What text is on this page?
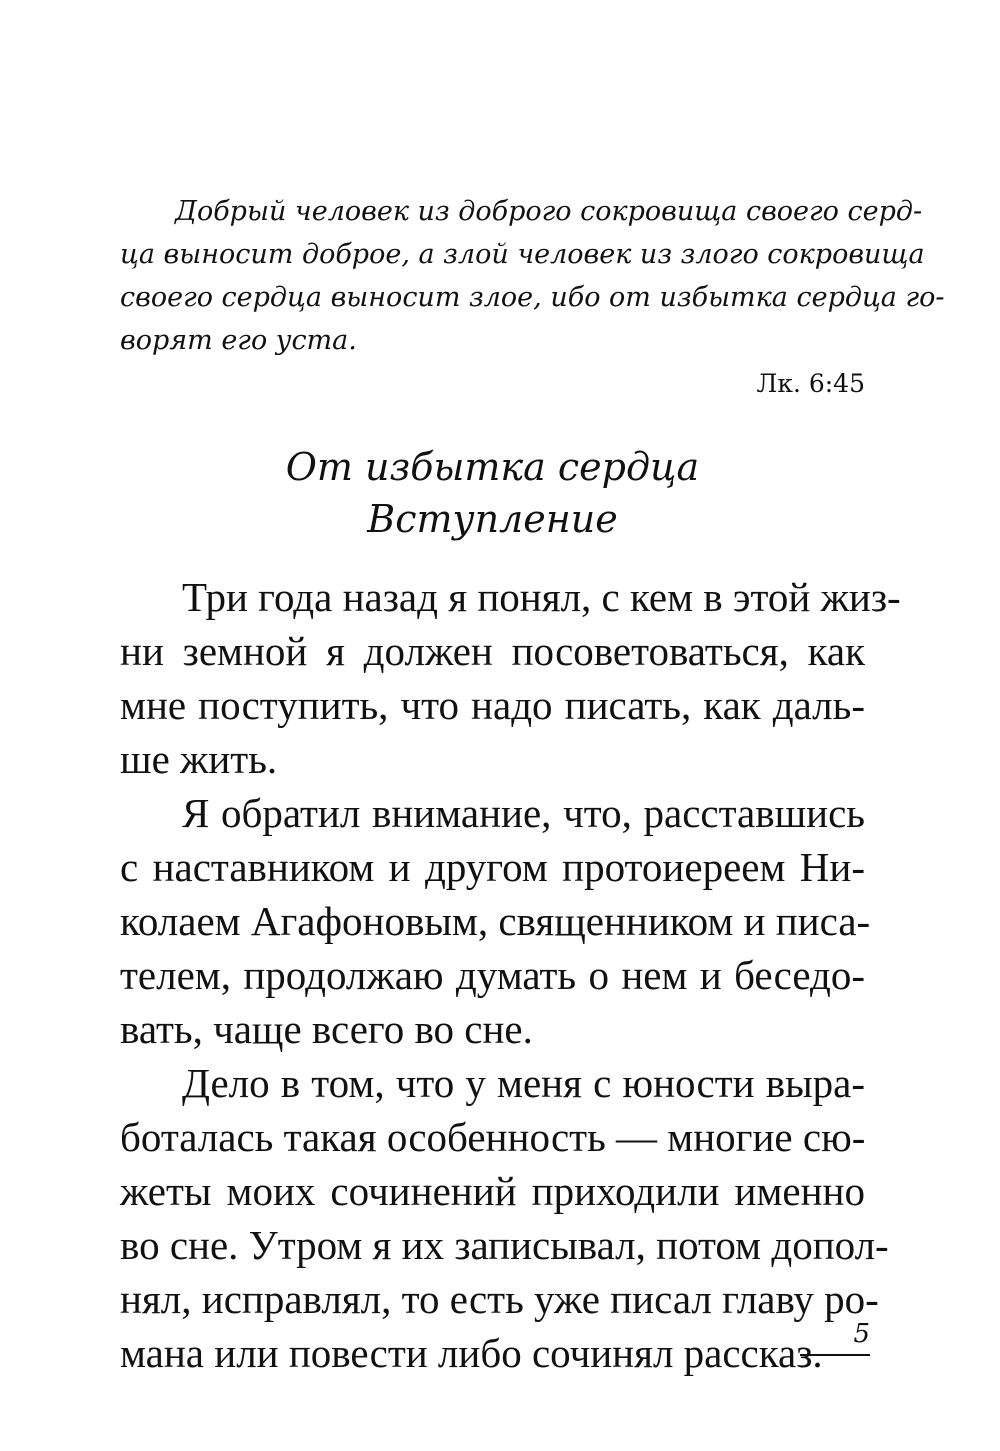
Добрый человек из доброго сокровища своего серд-
ца выносит доброе, а злой человек из злого сокровища
своего сердца выносит злое, ибо от избытка сердца го-
ворят его уста.
Лк. 6:45
От избытка сердца
Вступление
Три года назад я понял, с кем в этой жиз-
ни земной я должен посоветоваться, как
мне поступить, что надо писать, как даль-
ше жить.
Я обратил внимание, что, расставшись
с наставником и другом протоиереем Ни-
колаем Агафоновым, священником и писа-
телем, продолжаю думать о нем и беседо-
вать, чаще всего во сне.
Дело в том, что у меня с юности выра-
боталась такая особенность — многие сю-
жеты моих сочинений приходили именно
во сне. Утром я их записывал, потом допол-
нял, исправлял, то есть уже писал главу ро-
мана или повести либо сочинял рассказ.	5
